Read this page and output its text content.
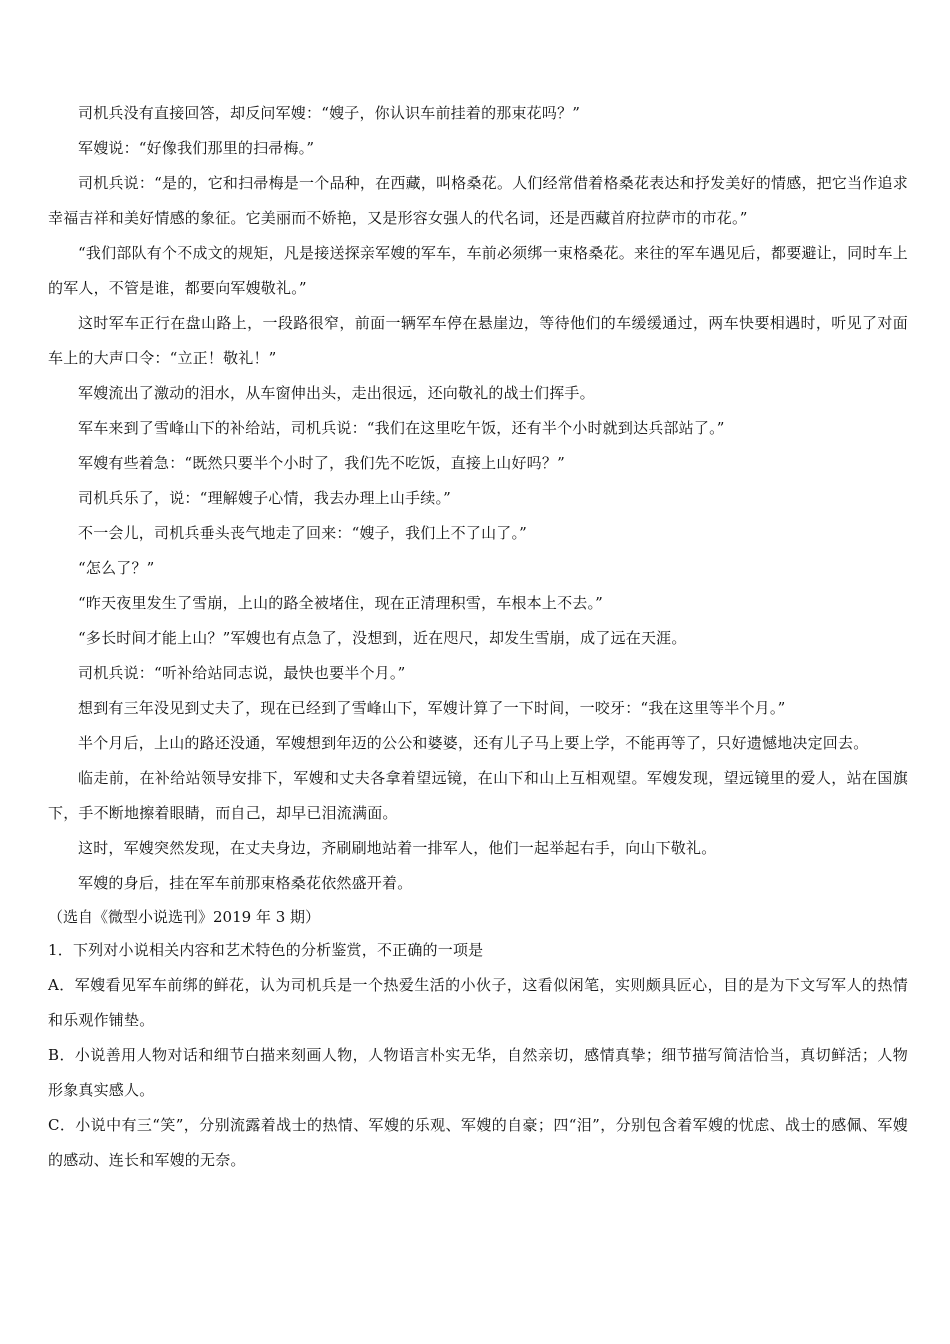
司机兵没有直接回答，却反问军嫂：“嫂子，你认识车前挂着的那束花吗？”

军嫂说：“好像我们那里的扫帚梅。”

司机兵说：“是的，它和扫帚梅是一个品种，在西藏，叫格桑花。人们经常借着格桑花表达和抒发美好的情感，把它当作追求幸福吉祥和美好情感的象征。它美丽而不娇艳，又是形容女强人的代名词，还是西藏首府拉萨市的市花。”

“我们部队有个不成文的规矩，凡是接送探亲军嫂的军车，车前必须绑一束格桑花。来往的军车遇见后，都要避让，同时车上的军人，不管是谁，都要向军嫂敬礼。”

这时军车正行在盘山路上，一段路很窄，前面一辆军车停在悬崖边，等待他们的车缓缓通过，两车快要相遇时，听见了对面车上的大声口令：“立正！敬礼！”

军嫂流出了激动的泪水，从车窗伸出头，走出很远，还向敬礼的战士们挥手。

军车来到了雪峰山下的补给站，司机兵说：“我们在这里吃午饭，还有半个小时就到达兵部站了。”

军嫂有些着急：“既然只要半个小时了，我们先不吃饭，直接上山好吗？”

司机兵乐了，说：“理解嫂子心情，我去办理上山手续。”

不一会儿，司机兵垂头丧气地走了回来：“嫂子，我们上不了山了。”

“怎么了？”

“昨天夜里发生了雪崩，上山的路全被堵住，现在正清理积雪，车根本上不去。”

“多长时间才能上山？”军嫂也有点急了，没想到，近在咫尺，却发生雪崩，成了远在天涯。

司机兵说：“听补给站同志说，最快也要半个月。”

想到有三年没见到丈夫了，现在已经到了雪峰山下，军嫂计算了一下时间，一咬牙：“我在这里等半个月。”

半个月后，上山的路还没通，军嫂想到年迈的公公和婆婆，还有儿子马上要上学，不能再等了，只好遗憾地决定回去。

临走前，在补给站领导安排下，军嫂和丈夫各拿着望远镜，在山下和山上互相观望。军嫂发现，望远镜里的爱人，站在国旗下，手不断地擦着眼睛，而自己，却早已泪流满面。

这时，军嫂突然发现，在丈夫身边，齐刷刷地站着一排军人，他们一起举起右手，向山下敬礼。

军嫂的身后，挂在军车前那束格桑花依然盛开着。

（选自《微型小说选刊》2019 年 3 期）

1．下列对小说相关内容和艺术特色的分析鉴赏，不正确的一项是

A．军嫂看见军车前绑的鲜花，认为司机兵是一个热爱生活的小伙子，这看似闲笔，实则颇具匠心，目的是为下文写军人的热情和乐观作铺垫。

B．小说善用人物对话和细节白描来刻画人物，人物语言朴实无华，自然亲切，感情真挚；细节描写简洁恰当，真切鲜活；人物形象真实感人。

C．小说中有三“笑”，分别流露着战士的热情、军嫂的乐观、军嫂的自豪；四“泪”，分别包含着军嫂的忧虑、战士的感佩、军嫂的感动、连长和军嫂的无奈。
